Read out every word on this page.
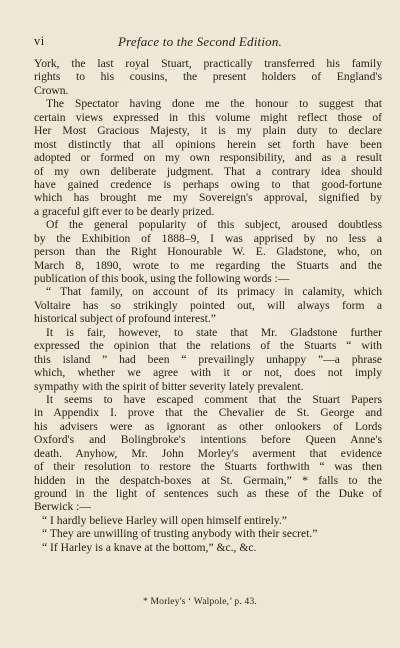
vi	Preface to the Second Edition.
York, the last royal Stuart, practically transferred his family
rights to his cousins, the present holders of England's
Crown.
The Spectator having done me the honour to suggest that
certain views expressed in this volume might reflect those of
Her Most Gracious Majesty, it is my plain duty to declare
most distinctly that all opinions herein set forth have been
adopted or formed on my own responsibility, and as a result
of my own deliberate judgment. That a contrary idea should
have gained credence is perhaps owing to that good-fortune
which has brought me my Sovereign's approval, signified by
a graceful gift ever to be dearly prized.
Of the general popularity of this subject, aroused doubtless
by the Exhibition of 1888–9, I was apprised by no less a
person than the Right Honourable W. E. Gladstone, who, on
March 8, 1890, wrote to me regarding the Stuarts and the
publication of this book, using the following words :—
“ That family, on account of its primacy in calamity, which
Voltaire has so strikingly pointed out, will always form a
historical subject of profound interest.”
It is fair, however, to state that Mr. Gladstone further
expressed the opinion that the relations of the Stuarts “ with
this island ” had been “ prevailingly unhappy ”—a phrase
which, whether we agree with it or not, does not imply
sympathy with the spirit of bitter severity lately prevalent.
It seems to have escaped comment that the Stuart Papers
in Appendix I. prove that the Chevalier de St. George and
his advisers were as ignorant as other onlookers of Lords
Oxford's and Bolingbroke's intentions before Queen Anne's
death. Anyhow, Mr. John Morley's averment that evidence
of their resolution to restore the Stuarts forthwith “ was then
hidden in the despatch-boxes at St. Germain,” * falls to the
ground in the light of sentences such as these of the Duke of
Berwick :—
“ I hardly believe Harley will open himself entirely.”
“ They are unwilling of trusting anybody with their secret.”
“ If Harley is a knave at the bottom,” &c., &c.
* Morley's ‘ Walpole,’ p. 43.
